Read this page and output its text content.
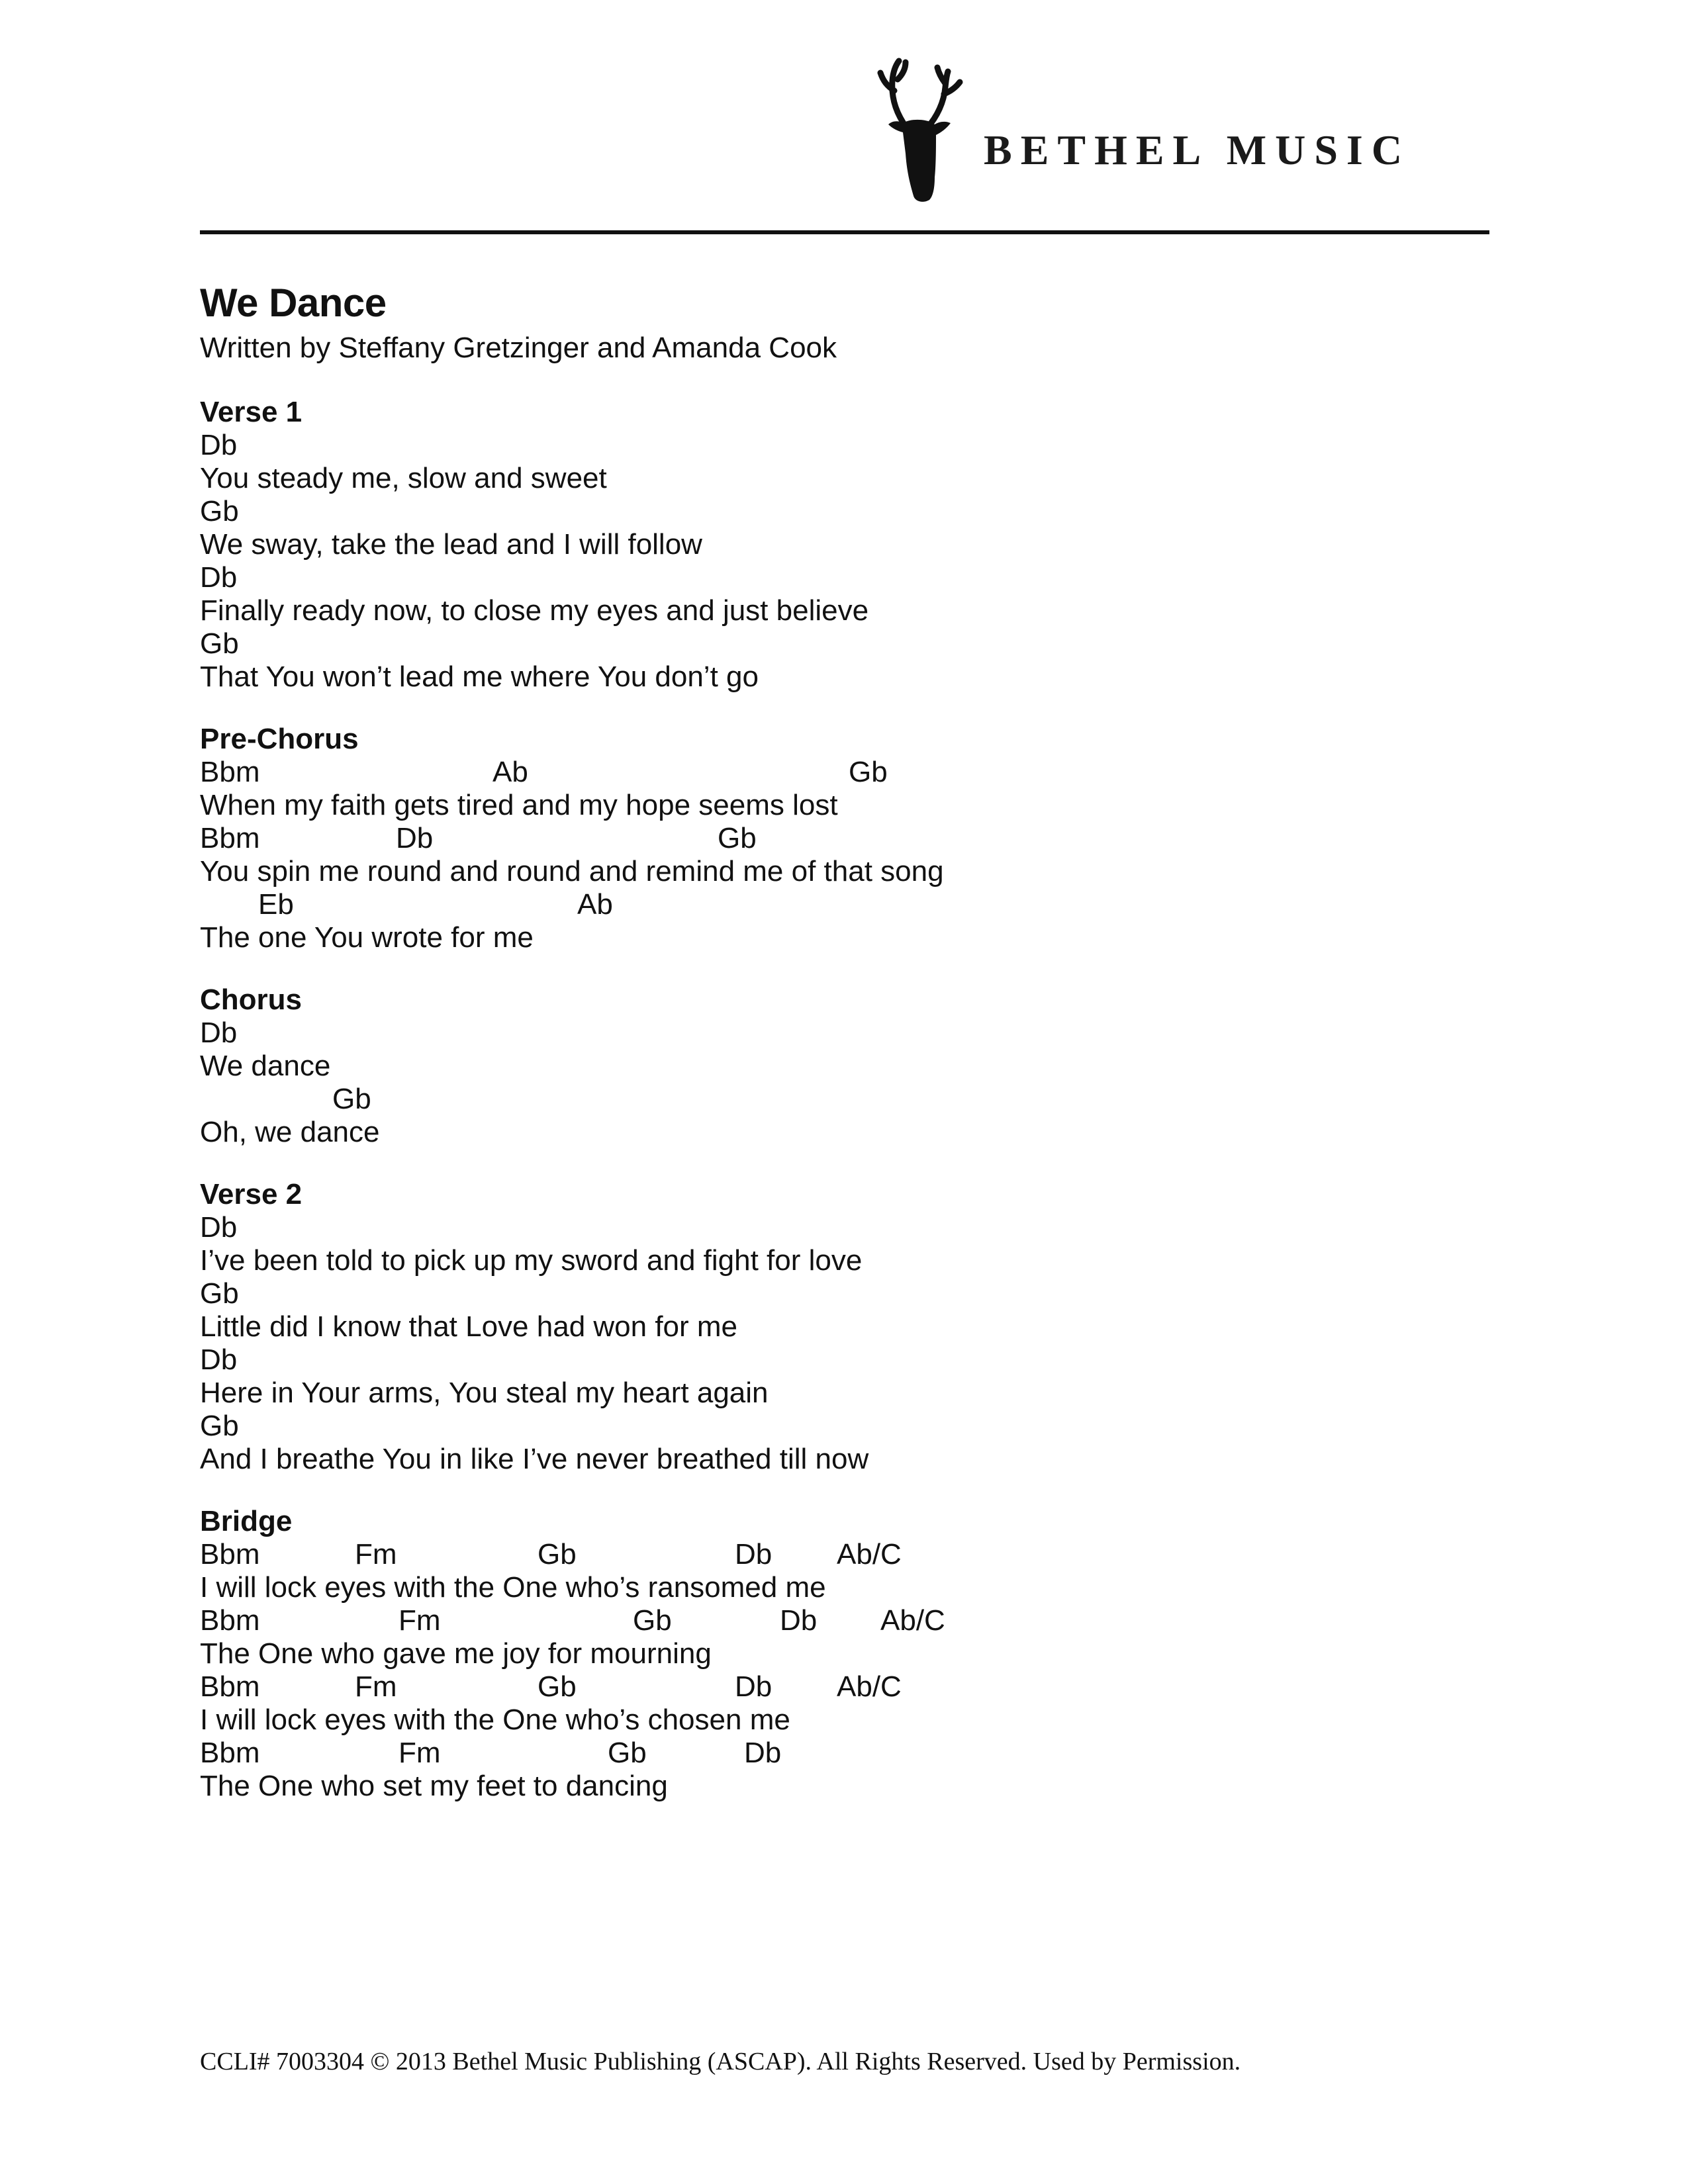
BETHEL MUSIC
We Dance

Written by Steffany Gretzinger and Amanda Cook

Verse 1

Db

You steady me, slow and sweet

Gb

We sway, take the lead and I will follow

Db

Finally ready now, to close my eyes and just believe

Gb

That You won’t lead me where You don’t go
Pre-Chorus

Bbm

	Ab

	Gb

When my faith gets tired and my hope seems lost

Bbm

	Db

	Gb

You spin me round and round and remind me of that song

Eb

	Ab

The one You wrote for me
Chorus

Db

We dance

Gb

Oh, we dance
Verse 2

Db

I’ve been told to pick up my sword and fight for love

Gb

Little did I know that Love had won for me

Db

Here in Your arms, You steal my heart again

Gb

And I breathe You in like I’ve never breathed till now
Bridge

Bbm

	Fm

	Gb

	Db

Ab/C

I will lock eyes with the One who’s ransomed me

Bbm

	Fm

	Gb

	Db

Ab/C

The One who gave me joy for mourning

Bbm

	Fm

	Gb

	Db

Ab/C

I will lock eyes with the One who’s chosen me

Bbm

	Fm

	Gb

	Db

The One who set my feet to dancing
CCLI# 7003304 © 2013 Bethel Music Publishing (ASCAP). All Rights Reserved. Used by Permission.
